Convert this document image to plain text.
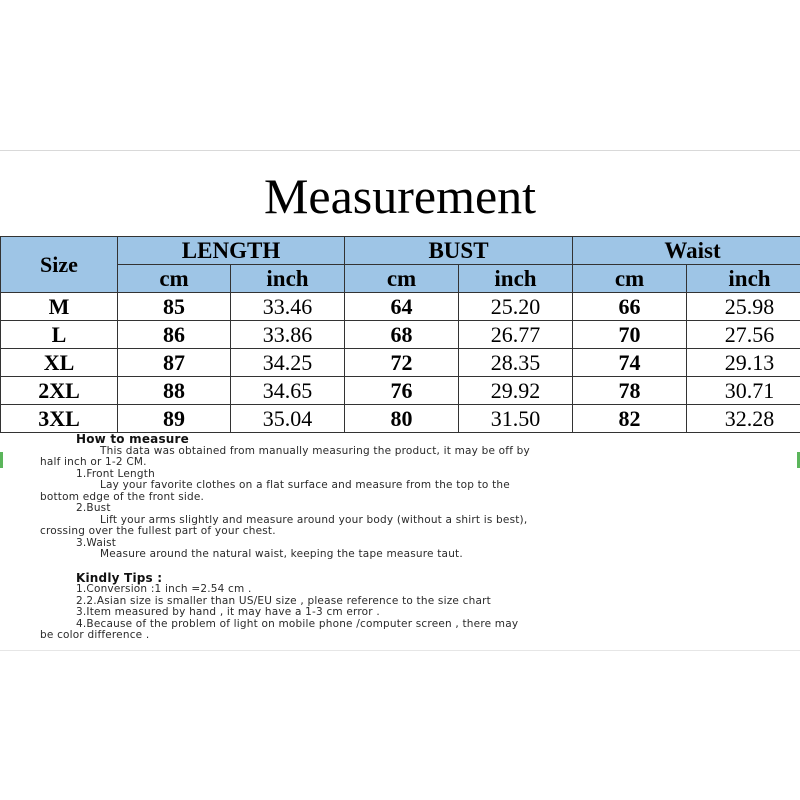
Measurement
Size	LENGTH		BUST		Waist	
	cm	inch	cm	inch	cm	inch
M	85	33.46	64	25.20	66	25.98
L	86	33.86	68	26.77	70	27.56
XL	87	34.25	72	28.35	74	29.13
2XL	88	34.65	76	29.92	78	30.71
3XL	89	35.04	80	31.50	82	32.28
How to measure
This data was obtained from manually measuring the product, it may be off by
half inch or 1-2 CM.
1.Front Length
Lay your favorite clothes on a flat surface and measure from the top to the
bottom edge of the front side.
2.Bust
Lift your arms slightly and measure around your body (without a shirt is best),
crossing over the fullest part of your chest.
3.Waist
Measure around the natural waist, keeping the tape measure taut.
Kindly Tips :
1.Conversion :1 inch =2.54 cm .
2.2.Asian size is smaller than US/EU size , please reference to the size chart
3.Item measured by hand , it may have a 1-3 cm error .
4.Because of the problem of light on mobile phone /computer screen , there may
be color difference .
